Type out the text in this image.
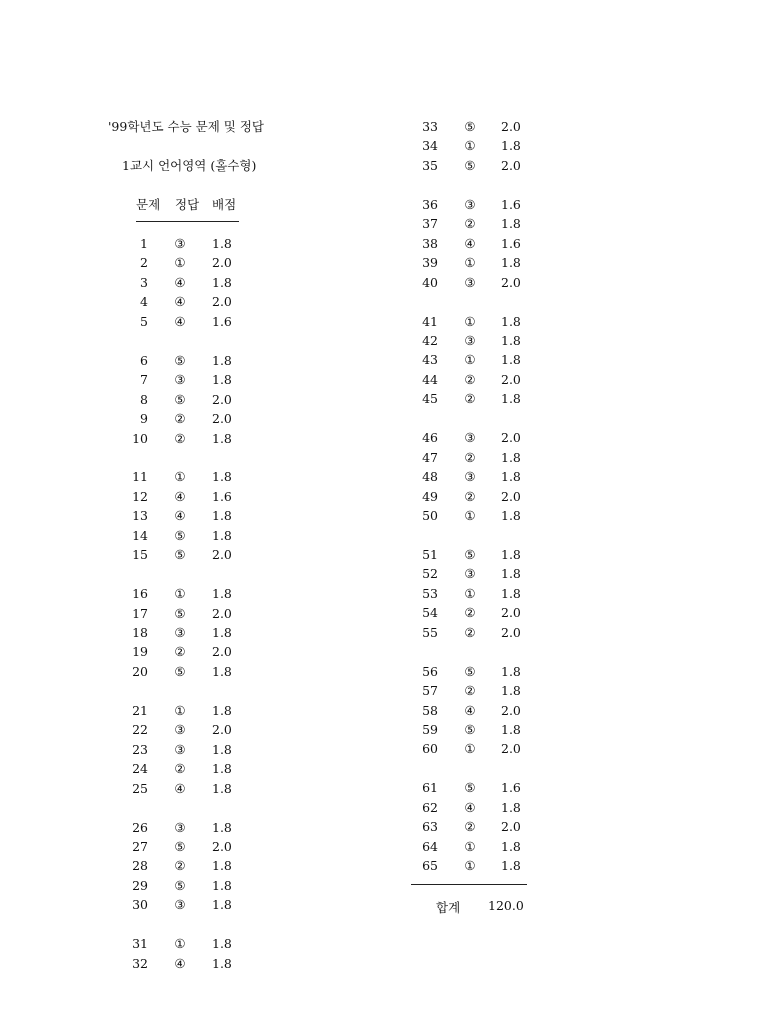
'99학년도 수능 문제 및 정답
1교시 언어영역 (홀수형)
문제 정답 배점
1	③	1.8
2	①	2.0
3	④	1.8
4	④	2.0
5	④	1.6
6	⑤	1.8
7	③	1.8
8	⑤	2.0
9	②	2.0
10	②	1.8
11	①	1.8
12	④	1.6
13	④	1.8
14	⑤	1.8
15	⑤	2.0
16	①	1.8
17	⑤	2.0
18	③	1.8
19	②	2.0
20	⑤	1.8
21	①	1.8
22	③	2.0
23	③	1.8
24	②	1.8
25	④	1.8
26	③	1.8
27	⑤	2.0
28	②	1.8
29	⑤	1.8
30	③	1.8
31	①	1.8
32	④	1.8
33	⑤	2.0
34	①	1.8
35	⑤	2.0
36	③	1.6
37	②	1.8
38	④	1.6
39	①	1.8
40	③	2.0
41	①	1.8
42	③	1.8
43	①	1.8
44	②	2.0
45	②	1.8
46	③	2.0
47	②	1.8
48	③	1.8
49	②	2.0
50	①	1.8
51	⑤	1.8
52	③	1.8
53	①	1.8
54	②	2.0
55	②	2.0
56	⑤	1.8
57	②	1.8
58	④	2.0
59	⑤	1.8
60	①	2.0
61	⑤	1.6
62	④	1.8
63	②	2.0
64	①	1.8
65	①	1.8
합계 120.0
